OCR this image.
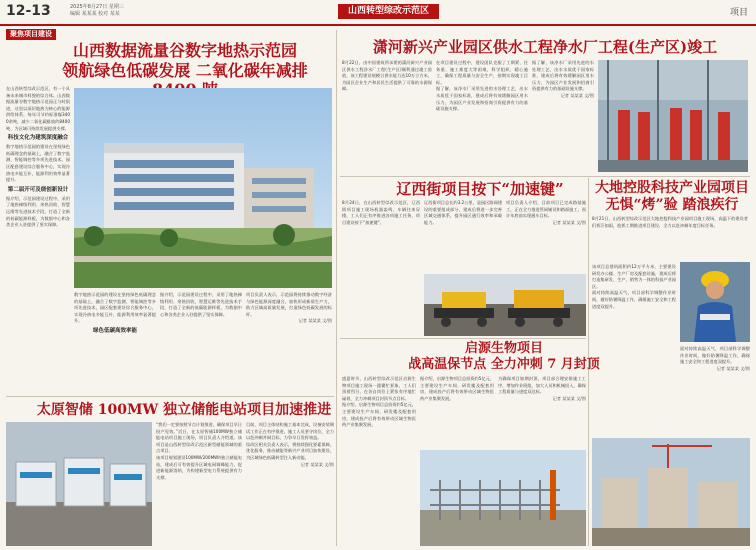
12-13	2025年8月27日 星期三
编辑 某某某 校对 某某	山西转型综改示范区	项目
聚焦项目建设
山西数据流量谷数字地热示范园
领航绿色低碳发展 二氧化碳年减排
在山西转型综改示范区，有一个具备未来城市样貌的综合体。山西数据流量谷数字地热示范园正与时俱进，这里以深层地热为核心的能源供给体系，每年可节约标准煤3400余吨，减少二氧化碳排放约8400吨，为区域可持续发展提供支撑。
科技文化为建筑深度融合
数字地热示范园的建设在坚持绿色低碳理念的基础上，融合了数字监测、智能调控等多项先进技术，园区配套建设综合服务中心，实现冷热电多能互补，能源利用效率显著提升。
第二届开可及绕创新设计
据介绍，示范园建设过程中，采用了地热梯级利用、余热回收、智慧运维等先进技术手段，打造了全新的低碳能源样板，为数据中心和各类企业入驻提供了坚实保障。
数字地热示范园的建设在坚持绿色低碳理念的基础上，融合了数字监测、智能调控等多项先进技术，园区配套建设综合服务中心，实现冷热电多能互补，能源利用效率显著提升。
绿色低碳高效率能
据介绍，示范园建设过程中，采用了地热梯级利用、余热回收、智慧运维等先进技术手段，打造了全新的低碳能源样板，为数据中心和各类企业入驻提供了坚实保障。
项目负责人表示，示范园将持续推动数字经济与绿色能源深度融合，加快形成新质生产力，助力区域高质量发展，打造绿色低碳发展的标杆。
记者 某某某 文/图
潇河新兴产业园区供水工程净水厂工程(生产区)竣工
8月22日，由中国建筑所承建的潇河新兴产业园区供水工程净水厂工程(生产区)顺利通过竣工验收，该工程建设规模日供水能力达10万立方米，为园区企业生产和居民生活提供了可靠的水源保障。
在项目建设过程中，建设团队克服了工期紧、任务重、施工难度大等困难，科学组织、精心施工，确保工程质量与安全生产，按期实现竣工目标。
据了解，该净水厂采用先进的水处理工艺，出水水质优于国家标准，建成后将有效缓解园区用水压力，为园区产业发展和招商引资提供有力的基础设施支撑。
据了解，该净水厂采用先进的水处理工艺，出水水质优于国家标准，建成后将有效缓解园区用水压力，为园区产业发展和招商引资提供有力的基础设施支撑。
记者 某某某 文/图
辽西街项目按下“加速键”
8月24日，在山西转型综改示范区，辽西街项目施工现场机器轰鸣、车辆往来穿梭，工人们正有序推进各项施工任务，项目建设按下“加速键”。
辽西街项目总长约3.2公里，是园区路网建设的重要组成部分，建成后将进一步完善区域交通体系，提升园区通行效率和承载能力。
项目负责人介绍，目前项目已完成路基施工，正在全力推进管网铺设和路面施工，预计年底前实现通车目标。
记者 某某某 文/图
大地控股科技产业园项目
无惧“烤”验 踏浪疾行
8月21日，山西转型综改示范区大地控股科技产业园项目施工现场，高温下的建设者们挥汗如雨，抢抓工期推进项目建设，全力以赴冲刺年度目标任务。
该项目总建筑面积约12万平方米，主要建设研发办公楼、生产厂房及配套设施，建成后将打造集研发、生产、销售为一体的科技产业园区。
面对持续高温天气，项目部科学调整作业时间，做好防暑降温工作，确保施工安全和工程进度双提升。
面对持续高温天气，项目部科学调整作业时间，做好防暑降温工作，确保施工安全和工程进度双提升。
记者 某某某 文/图
启源生物项目
战高温保节点 全力冲刺 7 月封顶
盛夏时节，山西转型综改示范区启源生物项目施工现场一派繁忙景象，工人们顶着烈日，在各自岗位上紧张有序地忙碌着，全力冲刺项目封顶节点目标。
据介绍，启源生物项目总投资约5亿元，主要建设生产车间、研发楼及配套用房，建成投产后将有效带动区域生物医药产业集聚发展。
据介绍，启源生物项目总投资约5亿元，主要建设生产车间、研发楼及配套用房，建成投产后将有效带动区域生物医药产业集聚发展。
为确保项目如期封顶，项目部合理安排施工工序，增加作业班组，加大人员和机械投入，确保工程质量与进度双达标。
记者 某某某 文/图
太原智储 100MW 独立储能电站项目加速推进
“我们一定要按照节点计划推进，确保项目早日投产见效。”近日，在太原智储100MW独立储能电站项目施工现场，项目负责人介绍道。该项目是山西转型综改示范区新型储能领域的重点项目。
该项目规划建设100MW/200MWh独立储能电站，建成后可有效提升区域电网调峰能力，促进新能源消纳，为构建新型电力系统提供有力支撑。
目前，项目主体结构施工基本完成，设备安装调试工作正在有序推进，施工人员坚守岗位，全力以赴冲刺并网目标，力争早日发挥效益。
综改区相关负责人表示，将持续强化要素保障，优化服务，推动储能等新兴产业项目加快建设，为区域绿色低碳转型注入新动能。
记者 某某某 文/图
